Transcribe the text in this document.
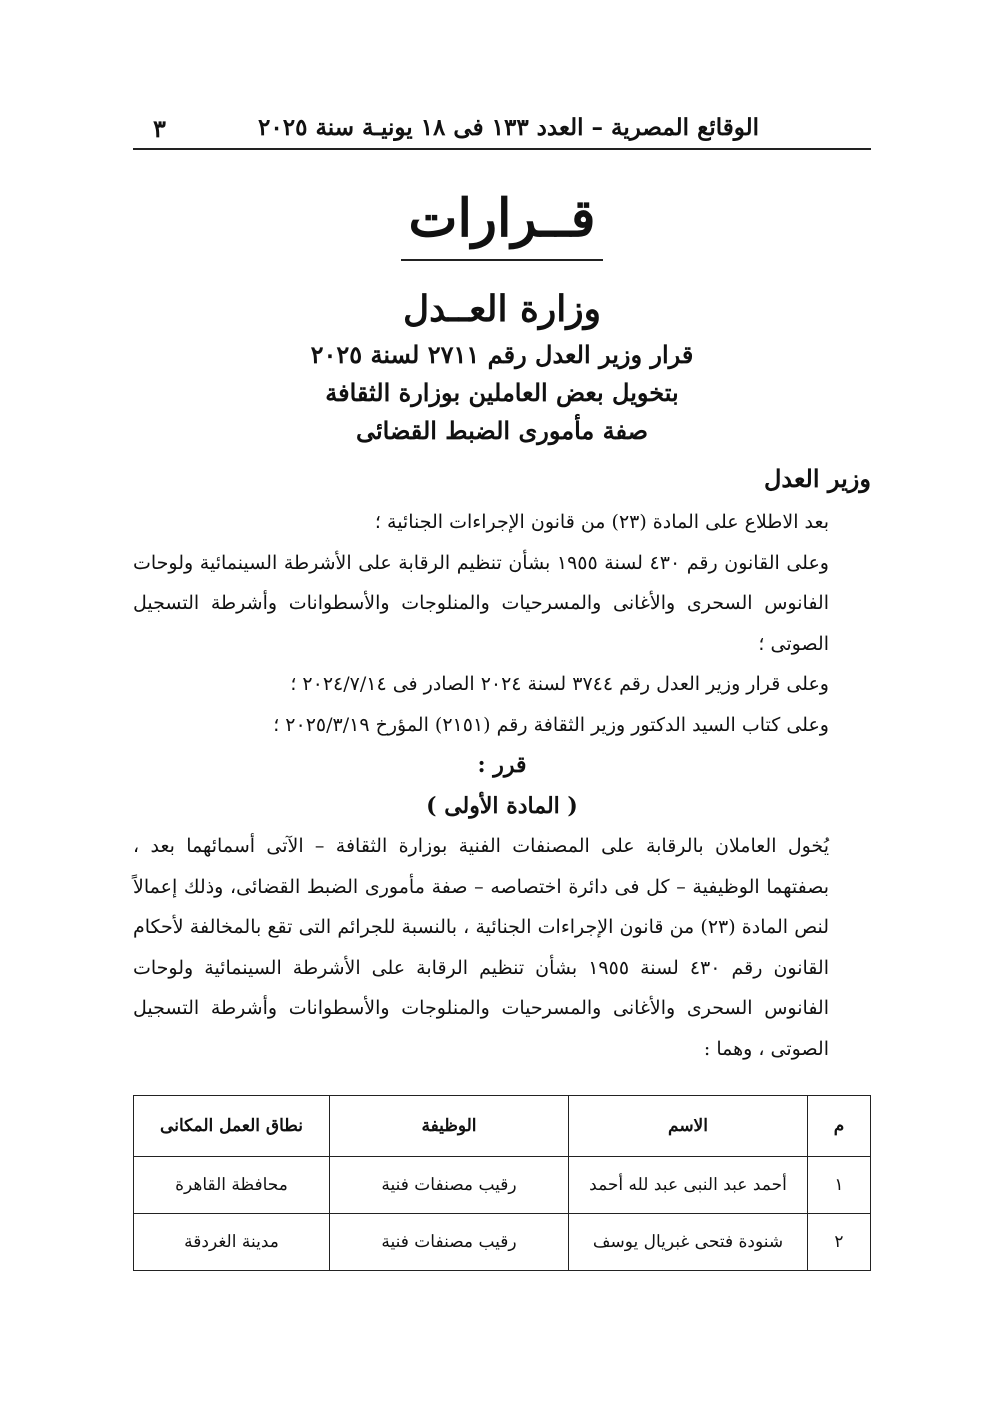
الوقائع المصرية – العدد ١٣٣ فى ١٨ يونيـة سنة ٢٠٢٥
٣
قــرارات
وزارة العــدل
قرار وزير العدل رقم ٢٧١١ لسنة ٢٠٢٥
بتخويل بعض العاملين بوزارة الثقافة
صفة مأمورى الضبط القضائى
وزير العدل

بعد الاطلاع على المادة (٢٣) من قانون الإجراءات الجنائية ؛

وعلى القانون رقم ٤٣٠ لسنة ١٩٥٥ بشأن تنظيم الرقابة على الأشرطة السينمائية ولوحات الفانوس السحرى والأغانى والمسرحيات والمنلوجات والأسطوانات وأشرطة التسجيل الصوتى ؛

وعلى قرار وزير العدل رقم ٣٧٤٤ لسنة ٢٠٢٤ الصادر فى ٢٠٢٤/٧/١٤ ؛

وعلى كتاب السيد الدكتور وزير الثقافة رقم (٢١٥١) المؤرخ ٢٠٢٥/٣/١٩ ؛

قرر :

( المادة الأولى )

يُخول العاملان بالرقابة على المصنفات الفنية بوزارة الثقافة – الآتى أسمائهما بعد ، بصفتهما الوظيفية – كل فى دائرة اختصاصه – صفة مأمورى الضبط القضائى، وذلك إعمالاً لنص المادة (٢٣) من قانون الإجراءات الجنائية ، بالنسبة للجرائم التى تقع بالمخالفة لأحكام القانون رقم ٤٣٠ لسنة ١٩٥٥ بشأن تنظيم الرقابة على الأشرطة السينمائية ولوحات الفانوس السحرى والأغانى والمسرحيات والمنلوجات والأسطوانات وأشرطة التسجيل الصوتى ، وهما :

م	الاسم	الوظيفة	نطاق العمل المكانى
١	أحمد عبد النبى عبد لله أحمد	رقيب مصنفات فنية	محافظة القاهرة
٢	شنودة فتحى غبريال يوسف	رقيب مصنفات فنية	مدينة الغردقة
